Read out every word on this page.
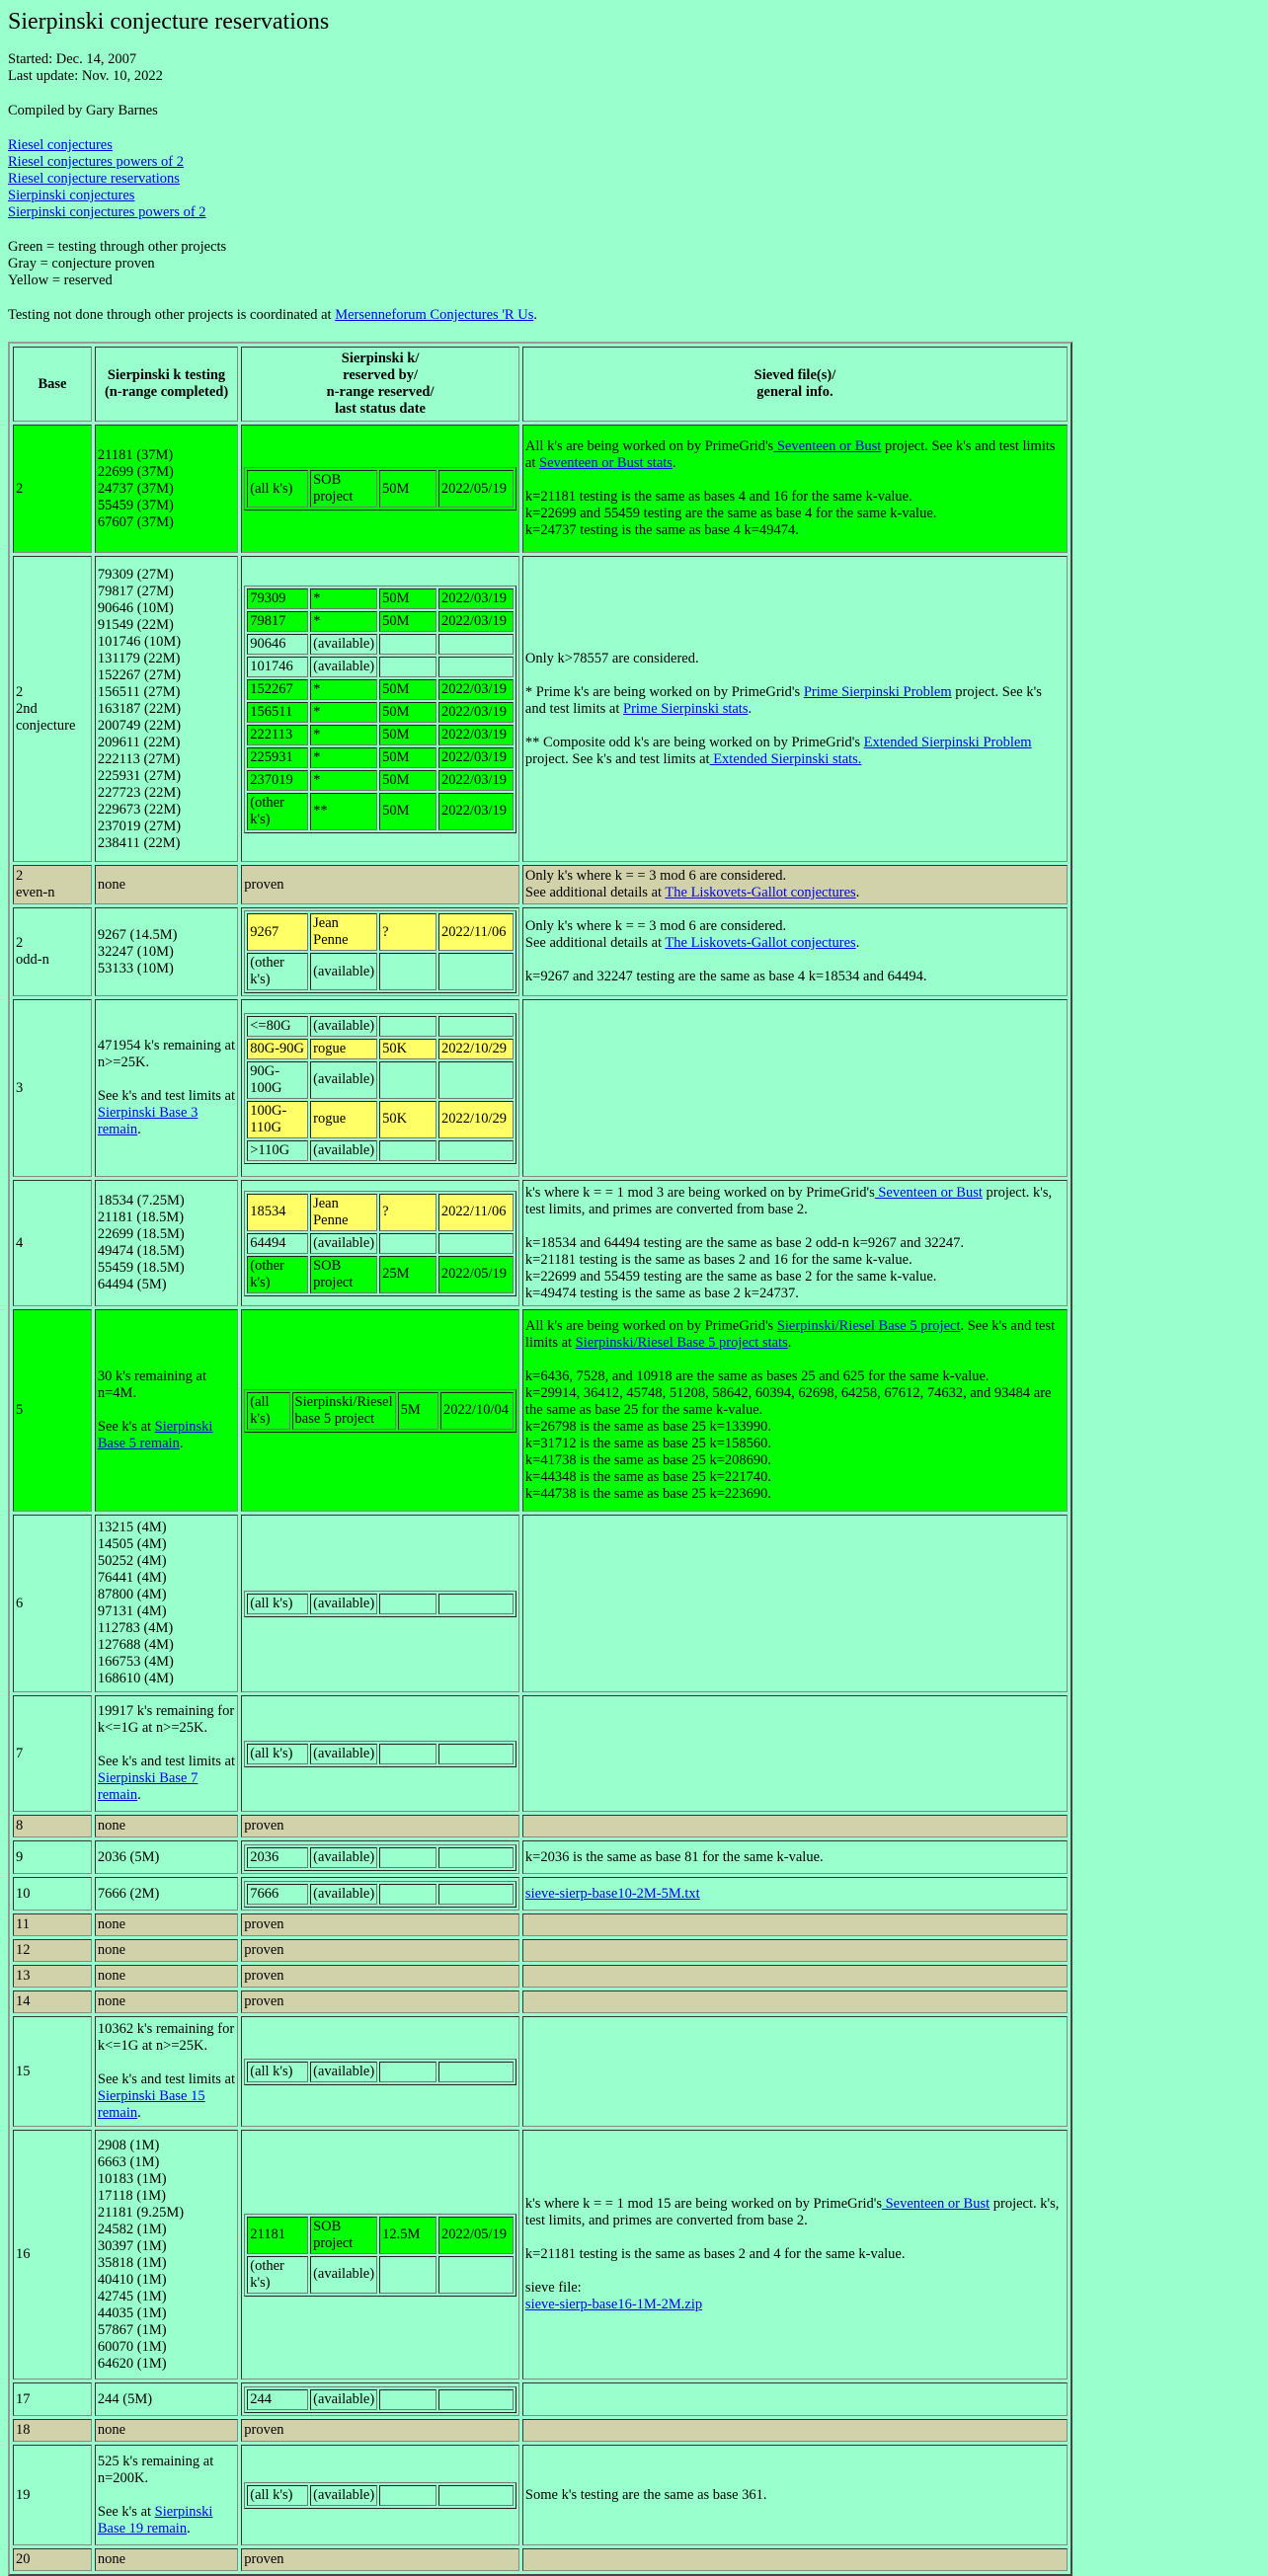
Sierpinski conjecture reservations

Started: Dec. 14, 2007
Last update: Nov. 10, 2022

Compiled by Gary Barnes

Riesel conjectures
Riesel conjectures powers of 2
Riesel conjecture reservations
Sierpinski conjectures
Sierpinski conjectures powers of 2

Green = testing through other projects
Gray = conjecture proven
Yellow = reserved

Testing not done through other projects is coordinated at Mersenneforum Conjectures 'R Us.

Base	Sierpinski k testing
(n-range completed)	Sierpinski k/
reserved by/
n-range reserved/
last status date	Sieved file(s)/
general info.
2	21181 (37M)
22699 (37M)
24737 (37M)
55459 (37M)
67607 (37M)	
(all k's)	SOB project	50M	2022/05/19
	All k's are being worked on by PrimeGrid's Seventeen or Bust project. See k's and test limits at Seventeen or Bust stats.

k=21181 testing is the same as bases 4 and 16 for the same k-value.
k=22699 and 55459 testing are the same as base 4 for the same k-value.
k=24737 testing is the same as base 4 k=49474.
2
2nd
conjecture	79309 (27M)
79817 (27M)
90646 (10M)
91549 (22M)
101746 (10M)
131179 (22M)
152267 (27M)
156511 (27M)
163187 (22M)
200749 (22M)
209611 (22M)
222113 (27M)
225931 (27M)
227723 (22M)
229673 (22M)
237019 (27M)
238411 (22M)	
79309	*	50M	2022/03/19
79817	*	50M	2022/03/19
90646	(available)		
101746	(available)		
152267	*	50M	2022/03/19
156511	*	50M	2022/03/19
222113	*	50M	2022/03/19
225931	*	50M	2022/03/19
237019	*	50M	2022/03/19
(other k's)	**	50M	2022/03/19
	Only k>78557 are considered.

* Prime k's are being worked on by PrimeGrid's Prime Sierpinski Problem project. See k's and test limits at Prime Sierpinski stats.

** Composite odd k's are being worked on by PrimeGrid's Extended Sierpinski Problem project. See k's and test limits at Extended Sierpinski stats.
2
even-n	none	proven	Only k's where k = = 3 mod 6 are considered.
See additional details at The Liskovets-Gallot conjectures.
2
odd-n	9267 (14.5M)
32247 (10M)
53133 (10M)	
9267	Jean Penne	?	2022/11/06
(other k's)	(available)		
	Only k's where k = = 3 mod 6 are considered.
See additional details at The Liskovets-Gallot conjectures.

k=9267 and 32247 testing are the same as base 4 k=18534 and 64494.
3	471954 k's remaining at n>=25K.

See k's and test limits at Sierpinski Base 3 remain.	
<=80G	(available)		
80G-90G	rogue	50K	2022/10/29
90G-100G	(available)		
100G-110G	rogue	50K	2022/10/29
>110G	(available)		

4	18534 (7.25M)
21181 (18.5M)
22699 (18.5M)
49474 (18.5M)
55459 (18.5M)
64494 (5M)	
18534	Jean Penne	?	2022/11/06
64494	(available)		
(other k's)	SOB project	25M	2022/05/19
	k's where k = = 1 mod 3 are being worked on by PrimeGrid's Seventeen or Bust project. k's, test limits, and primes are converted from base 2.

k=18534 and 64494 testing are the same as base 2 odd-n k=9267 and 32247.
k=21181 testing is the same as bases 2 and 16 for the same k-value.
k=22699 and 55459 testing are the same as base 2 for the same k-value.
k=49474 testing is the same as base 2 k=24737.
5	30 k's remaining at n=4M.

See k's at Sierpinski Base 5 remain.	
(all k's)	Sierpinski/Riesel base 5 project	5M	2022/10/04
	All k's are being worked on by PrimeGrid's Sierpinski/Riesel Base 5 project. See k's and test limits at Sierpinski/Riesel Base 5 project stats.

k=6436, 7528, and 10918 are the same as bases 25 and 625 for the same k-value.
k=29914, 36412, 45748, 51208, 58642, 60394, 62698, 64258, 67612, 74632, and 93484 are the same as base 25 for the same k-value.
k=26798 is the same as base 25 k=133990.
k=31712 is the same as base 25 k=158560.
k=41738 is the same as base 25 k=208690.
k=44348 is the same as base 25 k=221740.
k=44738 is the same as base 25 k=223690.
6	13215 (4M)
14505 (4M)
50252 (4M)
76441 (4M)
87800 (4M)
97131 (4M)
112783 (4M)
127688 (4M)
166753 (4M)
168610 (4M)	
(all k's)	(available)		

7	19917 k's remaining for k<=1G at n>=25K.

See k's and test limits at Sierpinski Base 7 remain.	
(all k's)	(available)		

8	none	proven	
9	2036 (5M)		2036	(available)		
		k=2036 is the same as base 81 for the same k-value.
10	7666 (2M)		7666	(available)		
		sieve-sierp-base10-2M-5M.txt
11	none	proven	
12	none	proven	
13	none	proven	
14	none	proven	
15	10362 k's remaining for k<=1G at n>=25K.

See k's and test limits at Sierpinski Base 15 remain.	
(all k's)	(available)		

16	2908 (1M)
6663 (1M)
10183 (1M)
17118 (1M)
21181 (9.25M)
24582 (1M)
30397 (1M)
35818 (1M)
40410 (1M)
42745 (1M)
44035 (1M)
57867 (1M)
60070 (1M)
64620 (1M)	
21181	SOB project	12.5M	2022/05/19
(other k's)	(available)		
	k's where k = = 1 mod 15 are being worked on by PrimeGrid's Seventeen or Bust project. k's, test limits, and primes are converted from base 2.

k=21181 testing is the same as bases 2 and 4 for the same k-value.

sieve file:
sieve-sierp-base16-1M-2M.zip
17	244 (5M)		244	(available)		

18	none	proven	
19	525 k's remaining at n=200K.

See k's at Sierpinski Base 19 remain.	
(all k's)	(available)		
		Some k's testing are the same as base 361.
20	none	proven	
